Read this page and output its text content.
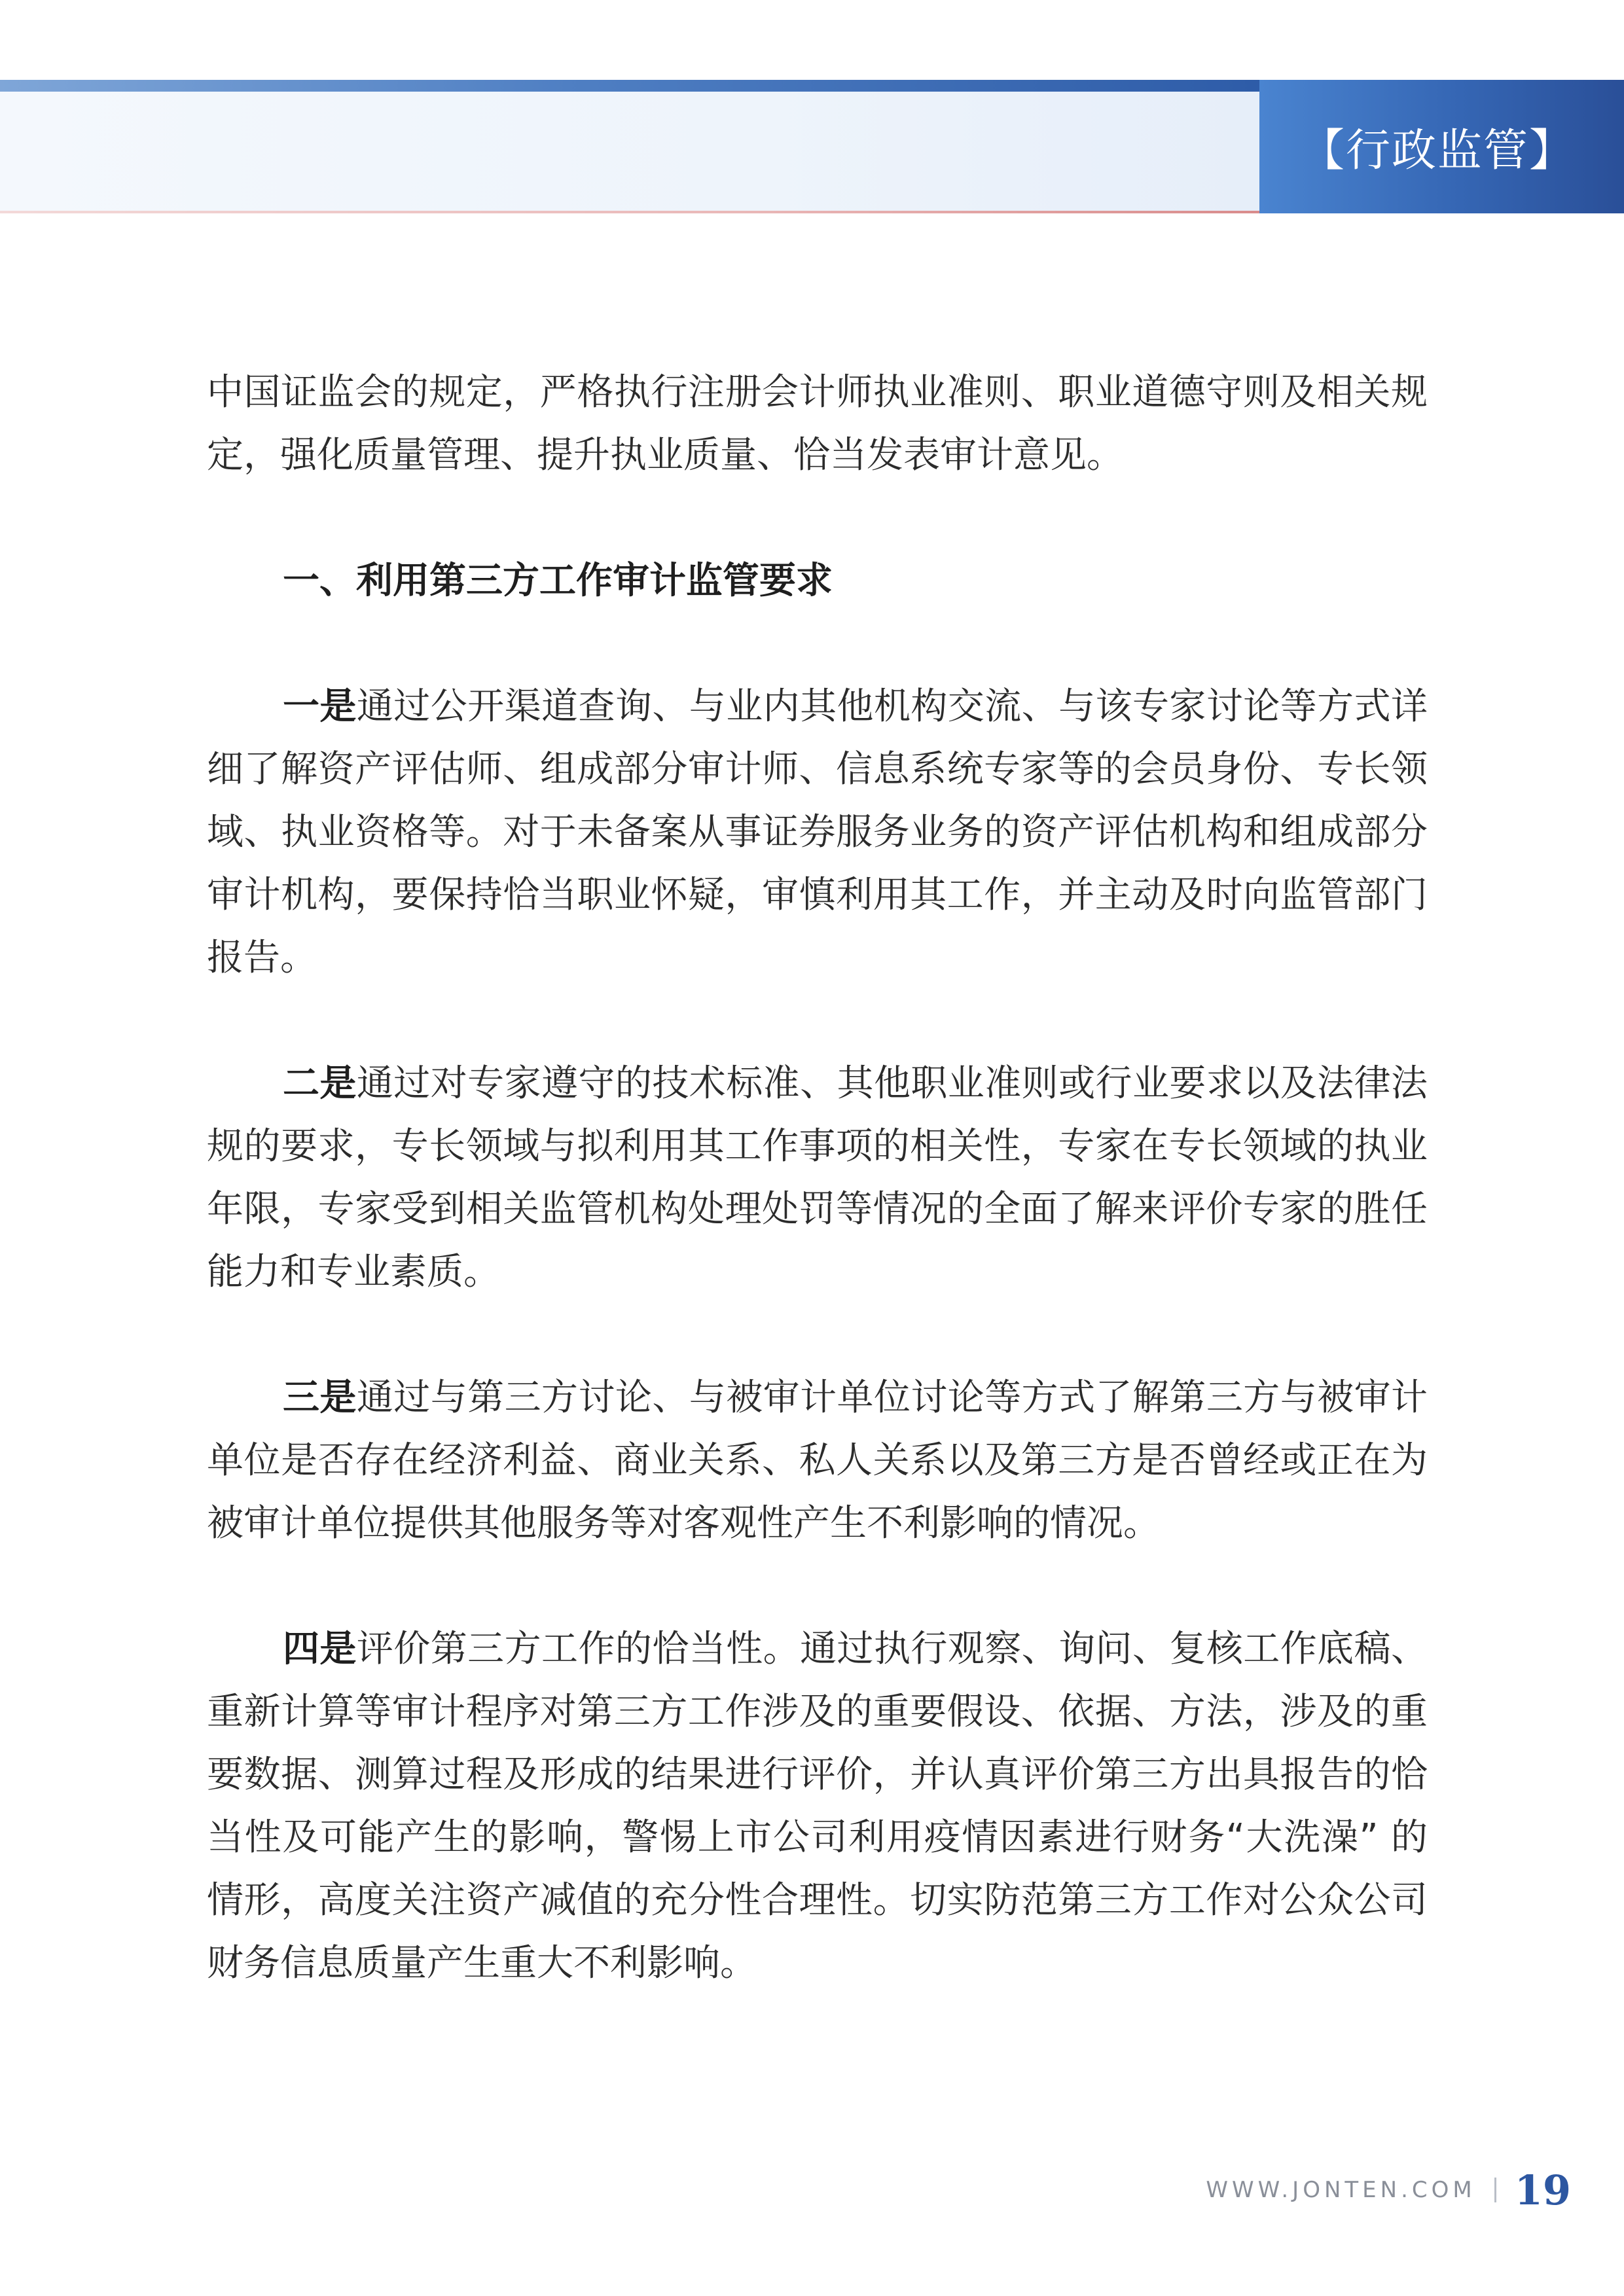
【行政监管】

中国证监会的规定，严格执行注册会计师执业准则、职业道德守则及相关规定，强化质量管理、提升执业质量、恰当发表审计意见。

一、利用第三方工作审计监管要求

一是通过公开渠道查询、与业内其他机构交流、与该专家讨论等方式详细了解资产评估师、组成部分审计师、信息系统专家等的会员身份、专长领域、执业资格等。对于未备案从事证券服务业务的资产评估机构和组成部分审计机构，要保持恰当职业怀疑，审慎利用其工作，并主动及时向监管部门报告。

二是通过对专家遵守的技术标准、其他职业准则或行业要求以及法律法规的要求，专长领域与拟利用其工作事项的相关性，专家在专长领域的执业年限，专家受到相关监管机构处理处罚等情况的全面了解来评价专家的胜任能力和专业素质。

三是通过与第三方讨论、与被审计单位讨论等方式了解第三方与被审计单位是否存在经济利益、商业关系、私人关系以及第三方是否曾经或正在为被审计单位提供其他服务等对客观性产生不利影响的情况。

四是评价第三方工作的恰当性。通过执行观察、询问、复核工作底稿、重新计算等审计程序对第三方工作涉及的重要假设、依据、方法，涉及的重要数据、测算过程及形成的结果进行评价，并认真评价第三方出具报告的恰当性及可能产生的影响，警惕上市公司利用疫情因素进行财务“大洗澡” 的情形，高度关注资产减值的充分性合理性。切实防范第三方工作对公众公司财务信息质量产生重大不利影响。

WWW.JONTEN.COM 19
